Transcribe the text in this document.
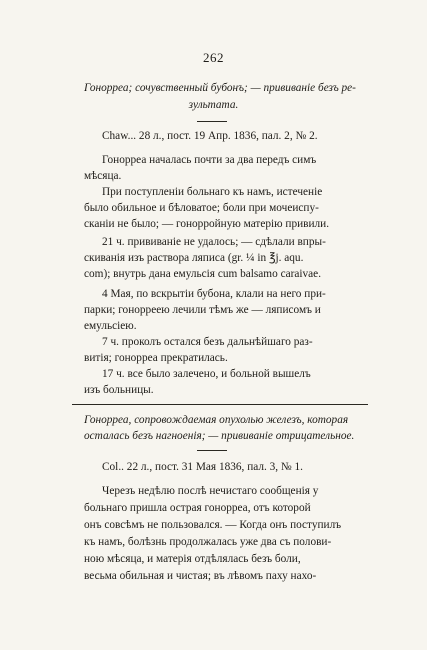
262
Гонорреа; сочувственный бубонъ; — прививаніе безъ ре-
зультата.
Chaw... 28 л., пост. 19 Апр. 1836, пал. 2, № 2.
Гонорреа началась почти за два передъ симъ
мѣсяца.
При поступленіи больнаго къ намъ, истеченіе
было обильное и бѣловатое; боли при мочеиспу-
сканіи не было; — гонорройную матерію привили.
21 ч. прививаніе не удалось; — сдѣлали впры-
скиванія изъ раствора ляписа (gr. ¼ in ℥j. aqu.
com); внутрь дана емульсія cum balsamo caraivae.
4 Мая, по вскрытіи бубона, клали на него при-
парки; гонорреею лечили тѣмъ же — ляписомъ и
емульсіею.
7 ч. проколъ остался безъ дальнѣйшаго раз-
витія; гонорреа прекратилась.
17 ч. все было залечено, и больной вышелъ
изъ больницы.
Гонорреа, сопровождаемая опухолью железъ, которая
осталась безъ нагноенія; — прививаніе отрицательное.
Col.. 22 л., пост. 31 Мая 1836, пал. 3, № 1.
Черезъ недѣлю послѣ нечистаго сообщенія у
больнаго пришла острая гонорреа, отъ которой
онъ совсѣмъ не пользовался. — Когда онъ поступилъ
къ намъ, болѣзнь продолжалась уже два съ полови-
ною мѣсяца, и матерія отдѣлялась безъ боли,
весьма обильная и чистая; въ лѣвомъ паху нахо-
